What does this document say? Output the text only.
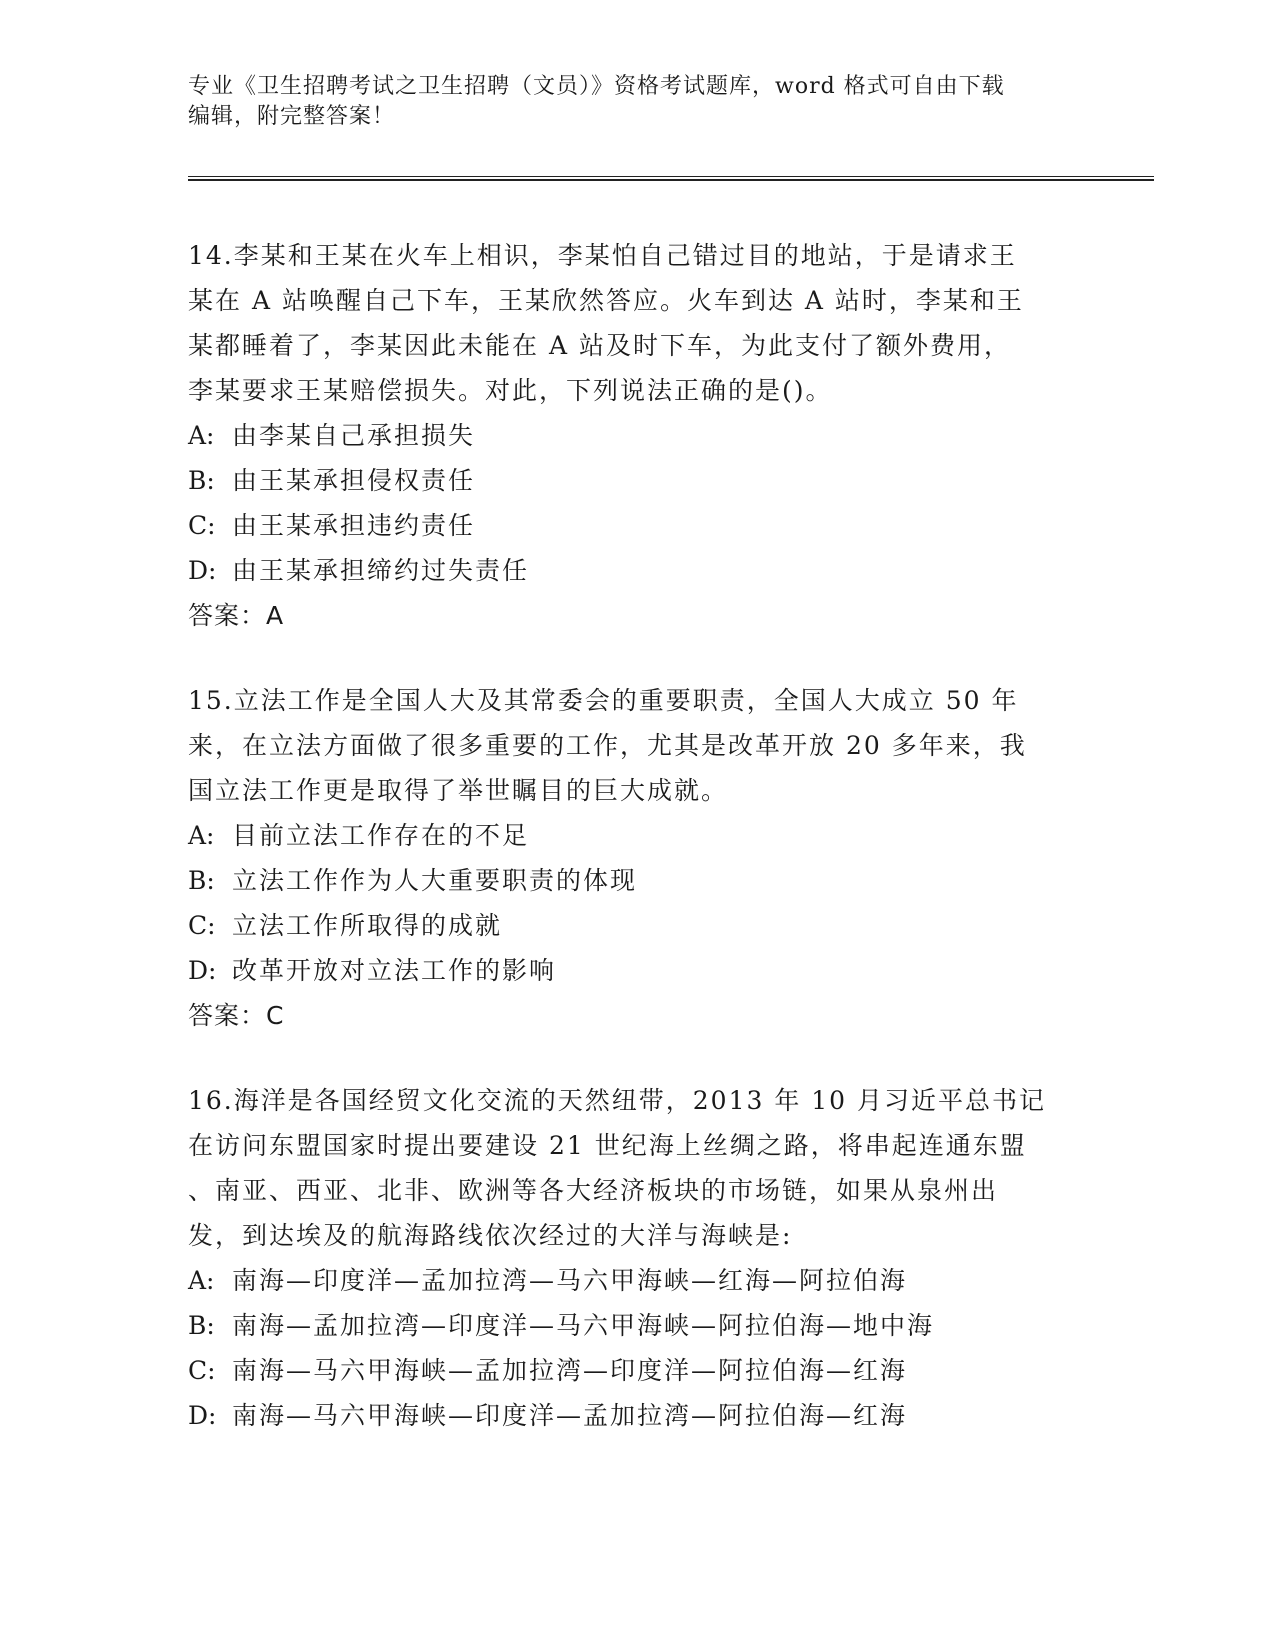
专业《卫生招聘考试之卫生招聘（文员）》资格考试题库，word 格式可自由下载
编辑，附完整答案！

14.李某和王某在火车上相识，李某怕自己错过目的地站，于是请求王

某在 A 站唤醒自己下车，王某欣然答应。火车到达 A 站时，李某和王

某都睡着了，李某因此未能在 A 站及时下车，为此支付了额外费用，

李某要求王某赔偿损失。对此，下列说法正确的是()。

A: 由李某自己承担损失

B: 由王某承担侵权责任

C: 由王某承担违约责任

D: 由王某承担缔约过失责任

答案：A

15.立法工作是全国人大及其常委会的重要职责，全国人大成立 50 年

来，在立法方面做了很多重要的工作，尤其是改革开放 20 多年来，我

国立法工作更是取得了举世瞩目的巨大成就。

A: 目前立法工作存在的不足

B: 立法工作作为人大重要职责的体现

C: 立法工作所取得的成就

D: 改革开放对立法工作的影响

答案：C

16.海洋是各国经贸文化交流的天然纽带，2013 年 10 月习近平总书记

在访问东盟国家时提出要建设 21 世纪海上丝绸之路，将串起连通东盟

、南亚、西亚、北非、欧洲等各大经济板块的市场链，如果从泉州出

发，到达埃及的航海路线依次经过的大洋与海峡是:

A: 南海—印度洋—孟加拉湾—马六甲海峡—红海—阿拉伯海

B: 南海—孟加拉湾—印度洋—马六甲海峡—阿拉伯海—地中海

C: 南海—马六甲海峡—孟加拉湾—印度洋—阿拉伯海—红海

D: 南海—马六甲海峡—印度洋—孟加拉湾—阿拉伯海—红海
